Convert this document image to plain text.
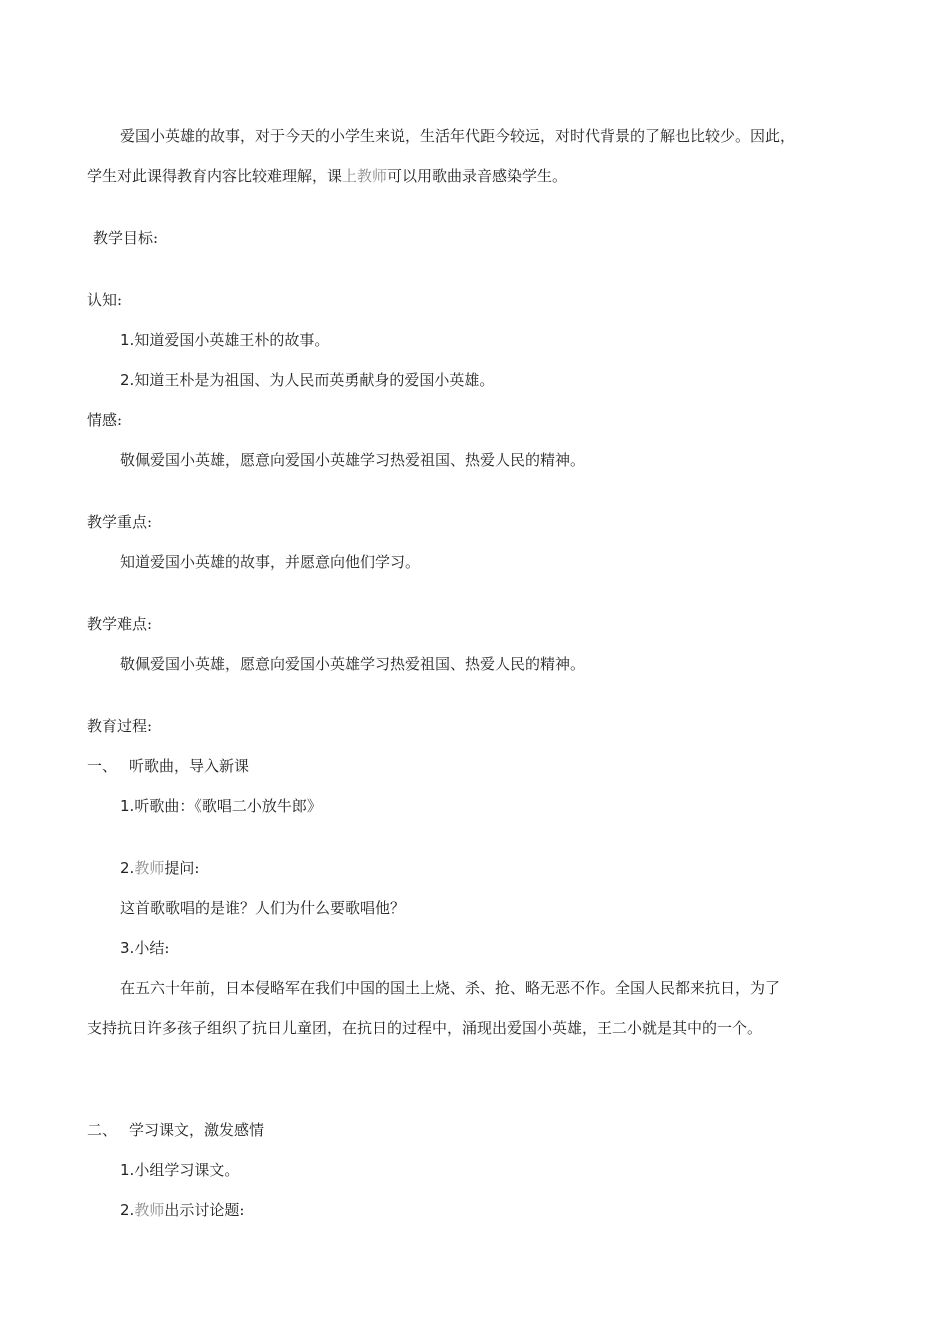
爱国小英雄的故事，对于今天的小学生来说，生活年代距今较远，对时代背景的了解也比较少。因此，
学生对此课得教育内容比较难理解，课上教师可以用歌曲录音感染学生。
教学目标:
认知:
1.知道爱国小英雄王朴的故事。
2.知道王朴是为祖国、为人民而英勇献身的爱国小英雄。
情感:
敬佩爱国小英雄，愿意向爱国小英雄学习热爱祖国、热爱人民的精神。
教学重点:
知道爱国小英雄的故事，并愿意向他们学习。
教学难点:
敬佩爱国小英雄，愿意向爱国小英雄学习热爱祖国、热爱人民的精神。
教育过程:
一、 听歌曲，导入新课
1.听歌曲：《歌唱二小放牛郎》
2.教师提问:
这首歌歌唱的是谁？人们为什么要歌唱他？
3.小结:
在五六十年前，日本侵略军在我们中国的国土上烧、杀、抢、略无恶不作。全国人民都来抗日，为了
支持抗日许多孩子组织了抗日儿童团，在抗日的过程中，涌现出爱国小英雄，王二小就是其中的一个。
二、 学习课文，激发感情
1.小组学习课文。
2.教师出示讨论题:
